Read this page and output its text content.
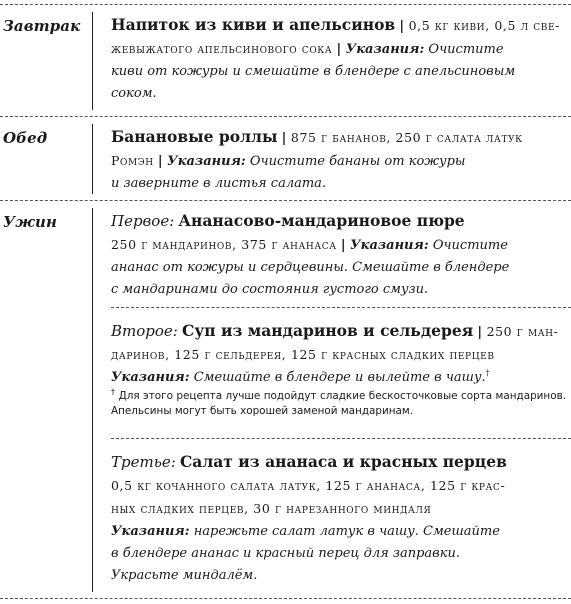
Завтрак Напиток из киви и апельсинов | 0,5 кг киви, 0,5 л све-

жевыжатого апельсинового сока | Указания: Очистите

киви от кожуры и смешайте в блендере с апельсиновым

соком.

Обед	Банановые роллы | 875 г бананов, 250 г салата латук

Ромэн | Указания: Очистите бананы от кожуры

и заверните в листья салата.

Ужин	Первое: Ананасово-мандариновое пюре

250 г мандаринов, 375 г ананаса | Указания: Очистите

ананас от кожуры и сердцевины. Смешайте в блендере

с мандаринами до состояния густого смузи.

Второе: Суп из мандаринов и сельдерея | 250 г ман-

даринов, 125 г сельдерея, 125 г красных сладких перцев

Указания: Смешайте в блендере и вылейте в чашу.†

† Для этого рецепта лучше подойдут сладкие бескосточковые сорта мандаринов. Апельсины могут быть хорошей заменой мандаринам.

Третье: Салат из ананаса и красных перцев

0,5 кг кочанного салата латук, 125 г ананаса, 125 г крас-

ных сладких перцев, 30 г нарезанного миндаля

Указания: нарежьте салат латук в чашу. Смешайте

в блендере ананас и красный перец для заправки.

Украсьте миндалём.
